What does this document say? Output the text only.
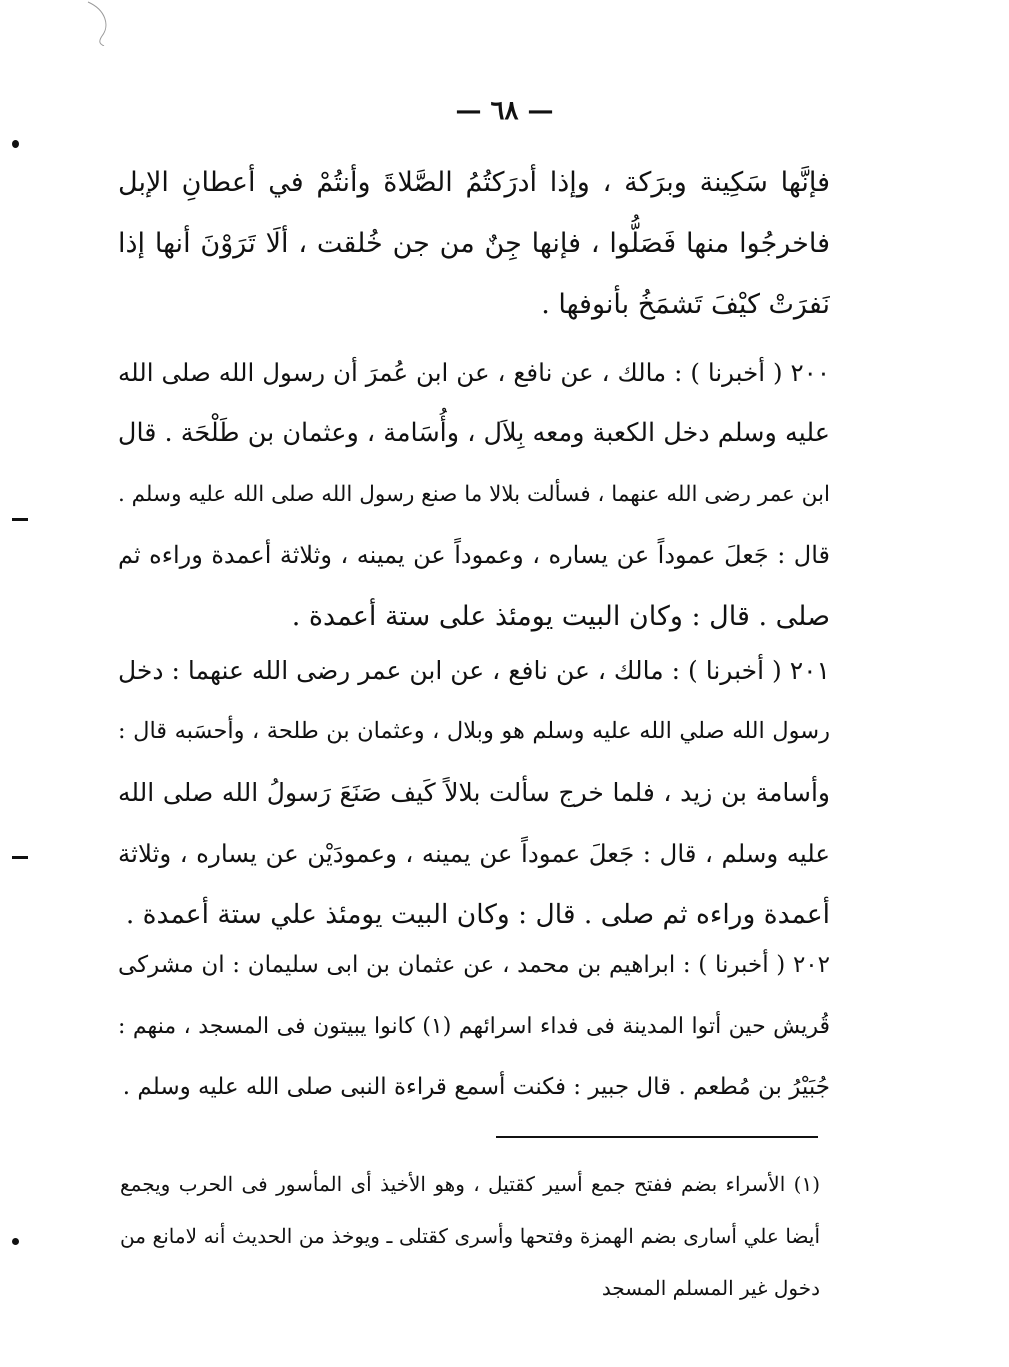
— ٦٨ —
فإنَّها سَكِينة وبرَكة ، وإذا أدرَكتُمُ الصَّلاةَ وأنتُمْ في أعطانِ الإبل
فاخرجُوا منها فَصَلُّوا ، فإنها جِنٌ من جن خُلقت ، ألَا تَرَوْنَ أنها إذا
نَفرَتْ كيْفَ تَشمَخُ بأنوفها .
٢٠٠ ( أخبرنا ) : مالك ، عن نافع ، عن ابن عُمرَ أن رسول الله صلى الله
عليه وسلم دخل الكعبة ومعه بِلاَل ، وأُسَامة ، وعثمان بن طَلْحَة . قال
ابن عمر رضى الله عنهما ، فسألت بلالا ما صنع رسول الله صلى الله عليه وسلم .
قال : جَعلَ عموداً عن يساره ، وعموداً عن يمينه ، وثلاثة أعمدة وراءه ثم
صلى . قال : وكان البيت يومئذ على ستة أعمدة .
٢٠١ ( أخبرنا ) : مالك ، عن نافع ، عن ابن عمر رضى الله عنهما : دخل
رسول الله صلي الله عليه وسلم هو وبلال ، وعثمان بن طلحة ، وأحسَبه قال :
وأسامة بن زيد ، فلما خرج سألت بلالاً كَيف صَنَعَ رَسولُ الله صلى الله
عليه وسلم ، قال : جَعلَ عموداً عن يمينه ، وعمودَيْن عن يساره ، وثلاثة
أعمدة وراءه ثم صلى . قال : وكان البيت يومئذ علي ستة أعمدة .
٢٠٢ ( أخبرنا ) : ابراهيم بن محمد ، عن عثمان بن ابى سليمان : ان مشركى
قُريش حين أتوا المدينة فى فداء اسرائهم (١) كانوا يبيتون فى المسجد ، منهم :
جُبَيْرُ بن مُطعم . قال جبير : فكنت أسمع قراءة النبى صلى الله عليه وسلم .
(١) الأسراء بضم ففتح جمع أسير كقتيل ، وهو الأخيذ أى المأسور فى الحرب ويجمع
أيضا علي أسارى بضم الهمزة وفتحها وأسرى كقتلى ـ ويوخذ من الحديث أنه لامانع من
دخول غير المسلم المسجد
